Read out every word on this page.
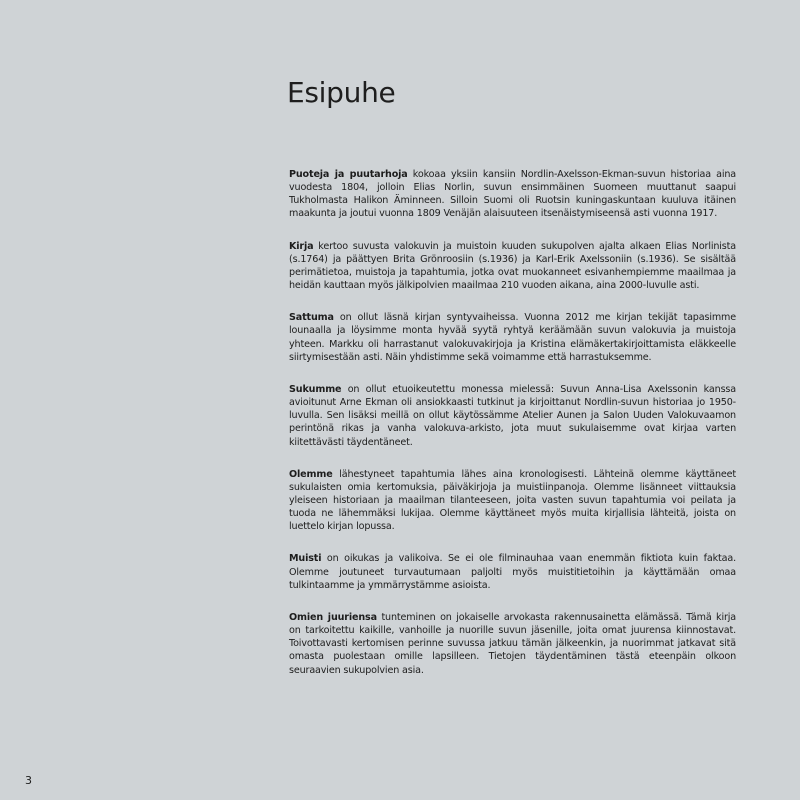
Esipuhe

Puoteja ja puutarhoja kokoaa yksiin kansiin Nordlin-Axelsson-Ekman-suvun historiaa aina vuodesta 1804, jolloin Elias Norlin, suvun ensimmäinen Suomeen muuttanut saapui Tukholmasta Halikon Äminneen. Silloin Suomi oli Ruotsin kuningaskuntaan kuuluva itäinen maakunta ja joutui vuonna 1809 Venäjän alaisuuteen itsenäistymiseensä asti vuonna 1917.

Kirja kertoo suvusta valokuvin ja muistoin kuuden sukupolven ajalta alkaen Elias Norlinista (s.1764) ja päättyen Brita Grönroosiin (s.1936) ja Karl-Erik Axelssoniin (s.1936). Se sisältää perimätietoa, muistoja ja tapahtumia, jotka ovat muokanneet esivanhempiemme maailmaa ja heidän kauttaan myös jälkipolvien maailmaa 210 vuoden aikana, aina 2000-luvulle asti.

Sattuma on ollut läsnä kirjan syntyvaiheissa. Vuonna 2012 me kirjan tekijät tapasimme lounaalla ja löysimme monta hyvää syytä ryhtyä keräämään suvun valokuvia ja muistoja yhteen. Markku oli harrastanut valokuvakirjoja ja Kristina elämäkertakirjoittamista eläkkeelle siirtymisestään asti. Näin yhdistimme sekä voimamme että harrastuksemme.

Sukumme on ollut etuoikeutettu monessa mielessä: Suvun Anna-Lisa Axelssonin kanssa avioitunut Arne Ekman oli ansiokkaasti tutkinut ja kirjoittanut Nordlin-suvun historiaa jo 1950-luvulla. Sen lisäksi meillä on ollut käytössämme Atelier Aunen ja Salon Uuden Valokuvaamon perintönä rikas ja vanha valokuva-arkisto, jota muut sukulaisemme ovat kirjaa varten kiitettävästi täydentäneet.

Olemme lähestyneet tapahtumia lähes aina kronologisesti. Lähteinä olemme käyttäneet sukulaisten omia kertomuksia, päiväkirjoja ja muistiinpanoja. Olemme lisänneet viittauksia yleiseen historiaan ja maailman tilanteeseen, joita vasten suvun tapahtumia voi peilata ja tuoda ne lähemmäksi lukijaa. Olemme käyttäneet myös muita kirjallisia lähteitä, joista on luettelo kirjan lopussa.

Muisti on oikukas ja valikoiva. Se ei ole filminauhaa vaan enemmän fiktiota kuin faktaa. Olemme joutuneet turvautumaan paljolti myös muistitietoihin ja käyttämään omaa tulkintaamme ja ymmärrystämme asioista.

Omien juuriensa tunteminen on jokaiselle arvokasta rakennusainetta elämässä. Tämä kirja on tarkoitettu kaikille, vanhoille ja nuorille suvun jäsenille, joita omat juurensa kiinnostavat. Toivottavasti kertomisen perinne suvussa jatkuu tämän jälkeenkin, ja nuorimmat jatkavat sitä omasta puolestaan omille lapsilleen. Tietojen täydentäminen tästä eteenpäin olkoon seuraavien sukupolvien asia.

3
